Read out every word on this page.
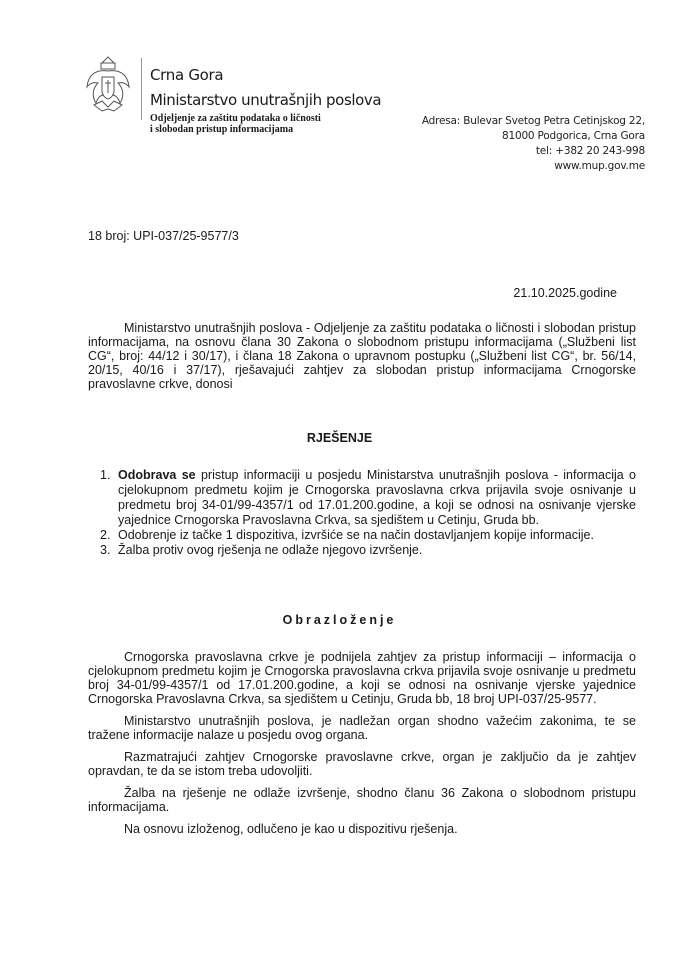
Crna Gora
Ministarstvo unutrašnjih poslova
Odjeljenje za zaštitu podataka o ličnosti
i slobodan pristup informacijama
Adresa: Bulevar Svetog Petra Cetinjskog 22,
81000 Podgorica, Crna Gora
tel: +382 20 243-998
www.mup.gov.me
18 broj: UPI-037/25-9577/3
21.10.2025.godine

Ministarstvo unutrašnjih poslova - Odjeljenje za zaštitu podataka o ličnosti i slobodan pristup informacijama, na osnovu člana 30 Zakona o slobodnom pristupu informacijama („Službeni list CG“, broj: 44/12 i 30/17), i člana 18 Zakona o upravnom postupku („Službeni list CG“, br. 56/14, 20/15, 40/16 i 37/17), rješavajući zahtjev za slobodan pristup informacijama Crnogorske pravoslavne crkve, donosi

RJEŠENJE
1. Odobrava se pristup informaciji u posjedu Ministarstva unutrašnjih poslova - informacija o cjelokupnom predmetu kojim je Crnogorska pravoslavna crkva prijavila svoje osnivanje u predmetu broj 34-01/99-4357/1 od 17.01.200.godine, a koji se odnosi na osnivanje vjerske yajednice Crnogorska Pravoslavna Crkva, sa sjedištem u Cetinju, Gruda bb.
2. Odobrenje iz tačke 1 dispozitiva, izvršiće se na način dostavljanjem kopije informacije.
3. Žalba protiv ovog rješenja ne odlaže njegovo izvršenje.
Obrazloženje

Crnogorska pravoslavna crkve je podnijela zahtjev za pristup informaciji – informacija o cjelokupnom predmetu kojim je Crnogorska pravoslavna crkva prijavila svoje osnivanje u predmetu broj 34-01/99-4357/1 od 17.01.200.godine, a koji se odnosi na osnivanje vjerske yajednice Crnogorska Pravoslavna Crkva, sa sjedištem u Cetinju, Gruda bb, 18 broj UPI-037/25-9577.

Ministarstvo unutrašnjih poslova, je nadležan organ shodno važećim zakonima, te se tražene informacije nalaze u posjedu ovog organa.

Razmatrajući zahtjev Crnogorske pravoslavne crkve, organ je zaključio da je zahtjev opravdan, te da se istom treba udovoljiti.

Žalba na rješenje ne odlaže izvršenje, shodno članu 36 Zakona o slobodnom pristupu informacijama.

Na osnovu izloženog, odlučeno je kao u dispozitivu rješenja.
